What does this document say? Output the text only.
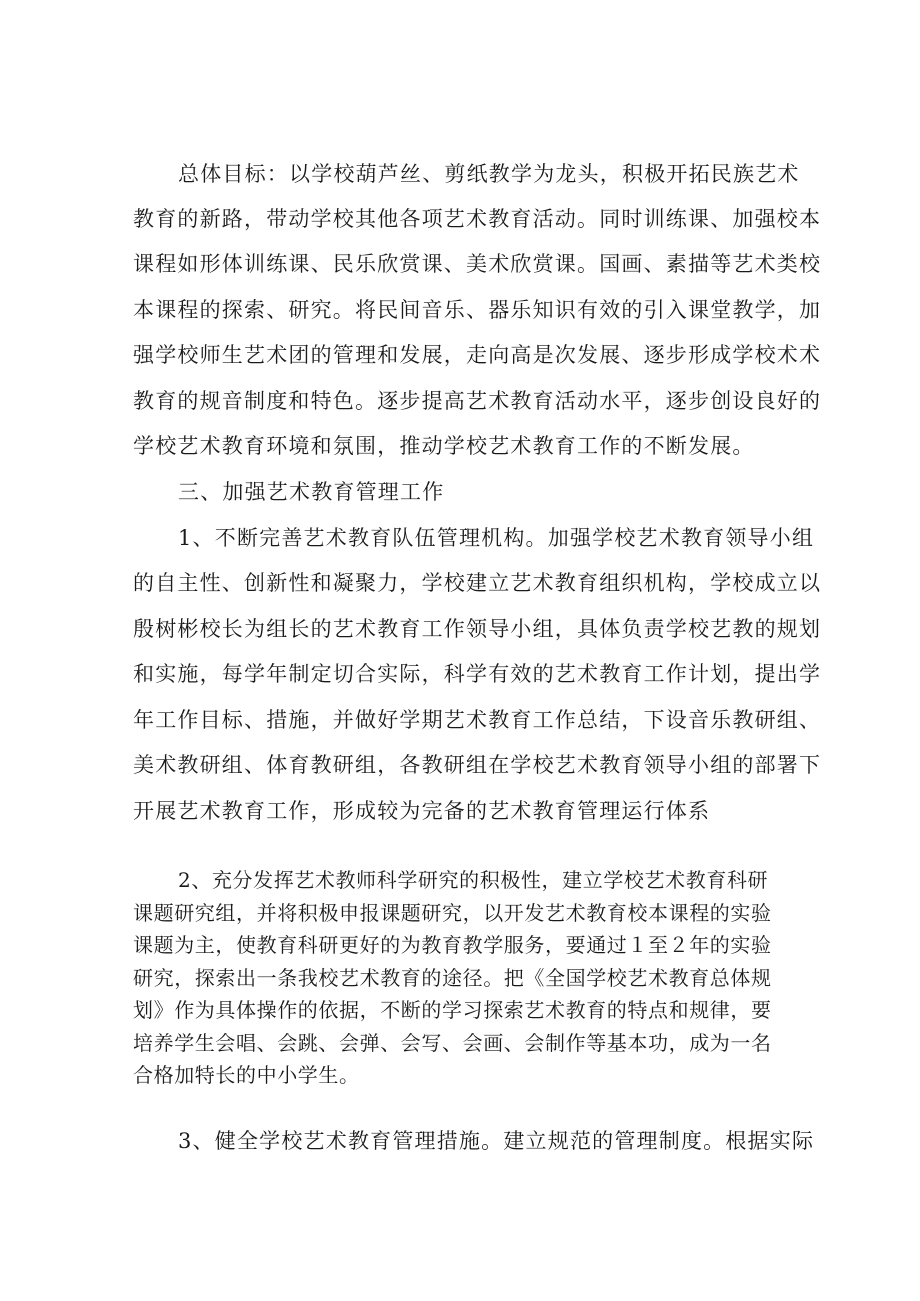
总体目标：以学校葫芦丝、剪纸教学为龙头，积极开拓民族艺术
教育的新路，带动学校其他各项艺术教育活动。同时训练课、加强校本
课程如形体训练课、民乐欣赏课、美术欣赏课。国画、素描等艺术类校
本课程的探索、研究。将民间音乐、器乐知识有效的引入课堂教学，加
强学校师生艺术团的管理和发展，走向高是次发展、逐步形成学校术术
教育的规音制度和特色。逐步提高艺术教育活动水平，逐步创设良好的
学校艺术教育环境和氛围，推动学校艺术教育工作的不断发展。
三、加强艺术教育管理工作
1、不断完善艺术教育队伍管理机构。加强学校艺术教育领导小组
的自主性、创新性和凝聚力，学校建立艺术教育组织机构，学校成立以
殷树彬校长为组长的艺术教育工作领导小组，具体负责学校艺教的规划
和实施，每学年制定切合实际，科学有效的艺术教育工作计划，提出学
年工作目标、措施，并做好学期艺术教育工作总结，下设音乐教研组、
美术教研组、体育教研组，各教研组在学校艺术教育领导小组的部署下
开展艺术教育工作，形成较为完备的艺术教育管理运行体系
2、充分发挥艺术教师科学研究的积极性，建立学校艺术教育科研
课题研究组，并将积极申报课题研究，以开发艺术教育校本课程的实验
课题为主，使教育科研更好的为教育教学服务，要通过１至２年的实验
研究，探索出一条我校艺术教育的途径。把《全国学校艺术教育总体规
划》作为具体操作的依据，不断的学习探索艺术教育的特点和规律，要
培养学生会唱、会跳、会弹、会写、会画、会制作等基本功，成为一名
合格加特长的中小学生。
3、健全学校艺术教育管理措施。建立规范的管理制度。根据实际
